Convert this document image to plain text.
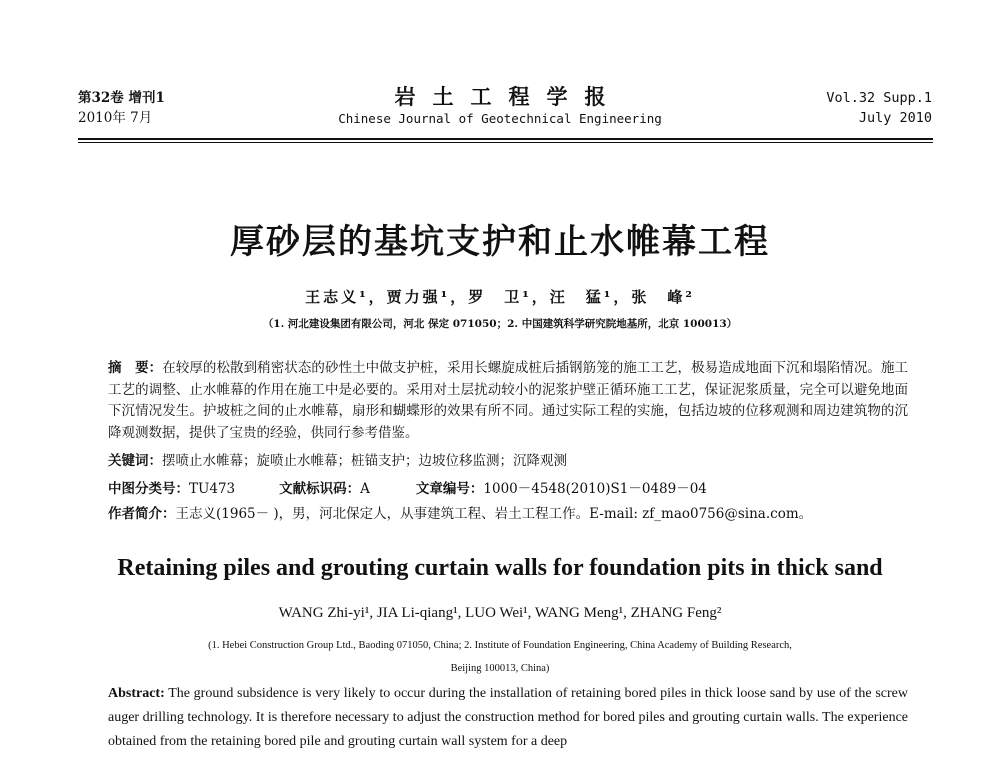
第32卷 增刊1
2010年 7月
岩土工程学报
Chinese Journal of Geotechnical Engineering
Vol.32 Supp.1
July 2010
厚砂层的基坑支护和止水帷幕工程
王志义¹，贾力强¹，罗　卫¹，汪　猛¹，张　峰²
（1. 河北建设集团有限公司，河北 保定 071050；2. 中国建筑科学研究院地基所，北京 100013）
摘　要：在较厚的松散到稍密状态的砂性土中做支护桩，采用长螺旋成桩后插钢筋笼的施工工艺，极易造成地面下沉和塌陷情况。施工工艺的调整、止水帷幕的作用在施工中是必要的。采用对土层扰动较小的泥浆护壁正循环施工工艺，保证泥浆质量，完全可以避免地面下沉情况发生。护坡桩之间的止水帷幕，扇形和蝴蝶形的效果有所不同。通过实际工程的实施，包括边坡的位移观测和周边建筑物的沉降观测数据，提供了宝贵的经验，供同行参考借鉴。
关键词：摆喷止水帷幕；旋喷止水帷幕；桩锚支护；边坡位移监测；沉降观测
中图分类号：TU473	文献标识码：A	文章编号：1000－4548(2010)S1－0489－04
作者简介：王志义(1965－ )，男，河北保定人，从事建筑工程、岩土工程工作。E-mail: zf_mao0756@sina.com。
Retaining piles and grouting curtain walls for foundation pits in thick sand
WANG Zhi-yi¹, JIA Li-qiang¹, LUO Wei¹, WANG Meng¹, ZHANG Feng²
(1. Hebei Construction Group Ltd., Baoding 071050, China; 2. Institute of Foundation Engineering, China Academy of Building Research,
Beijing 100013, China)
Abstract: The ground subsidence is very likely to occur during the installation of retaining bored piles in thick loose sand by use of the screw auger drilling technology. It is therefore necessary to adjust the construction method for bored piles and grouting curtain walls. The experience obtained from the retaining bored pile and grouting curtain wall system for a deep
